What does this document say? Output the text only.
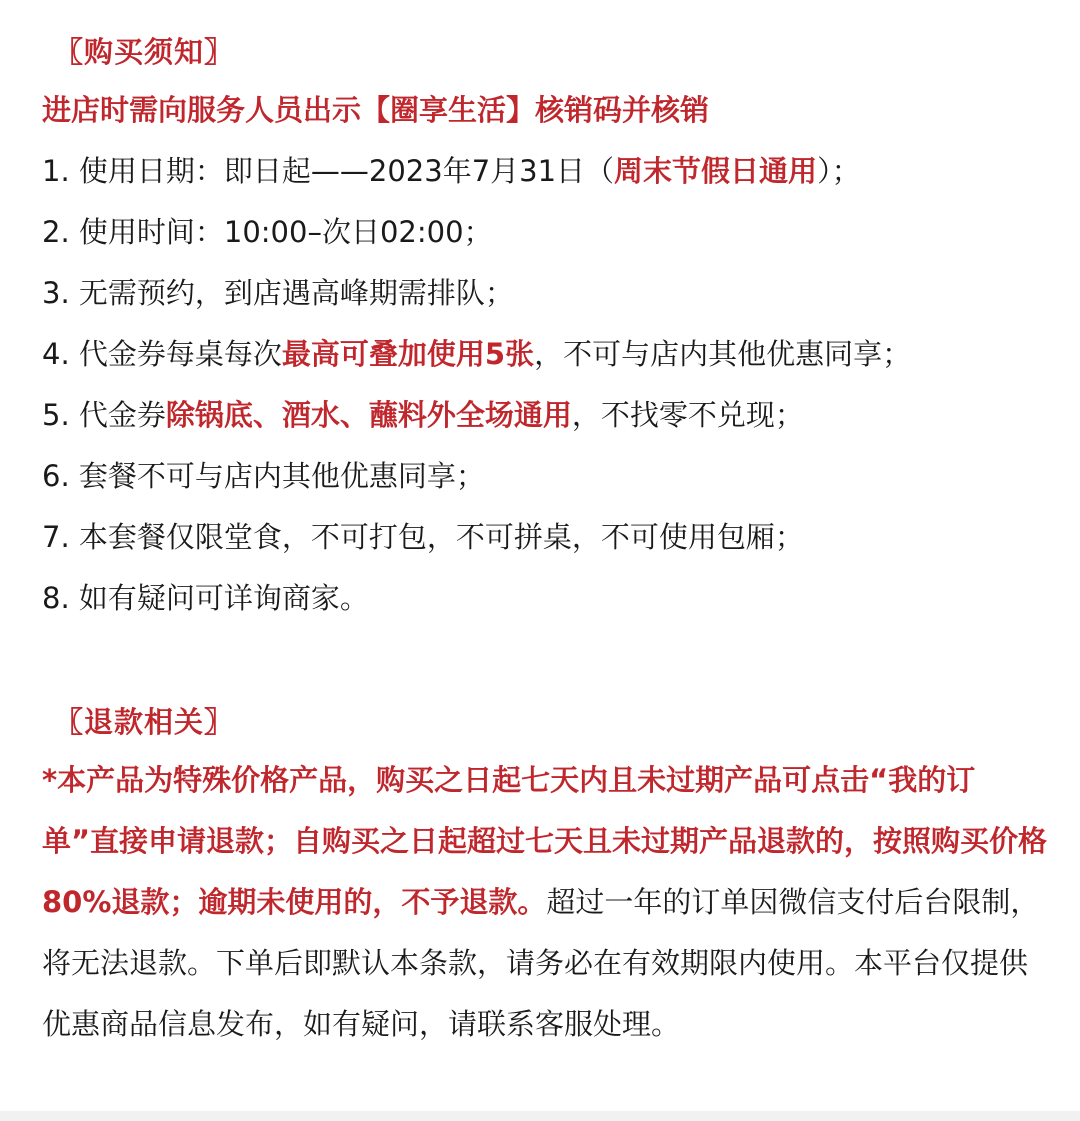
〖购买须知〗
进店时需向服务人员出示【圈享生活】核销码并核销
1. 使用日期：即日起——2023年7月31日（周末节假日通用）；
2. 使用时间：10:00–次日02:00；
3. 无需预约，到店遇高峰期需排队；
4. 代金券每桌每次最高可叠加使用5张，不可与店内其他优惠同享；
5. 代金券除锅底、酒水、蘸料外全场通用，不找零不兑现；
6. 套餐不可与店内其他优惠同享；
7. 本套餐仅限堂食，不可打包，不可拼桌，不可使用包厢；
8. 如有疑问可详询商家。
〖退款相关〗
*本产品为特殊价格产品，购买之日起七天内且未过期产品可点击“我的订单”直接申请退款；自购买之日起超过七天且未过期产品退款的，按照购买价格80%退款；逾期未使用的，不予退款。超过一年的订单因微信支付后台限制，将无法退款。下单后即默认本条款，请务必在有效期限内使用。本平台仅提供优惠商品信息发布，如有疑问，请联系客服处理。
